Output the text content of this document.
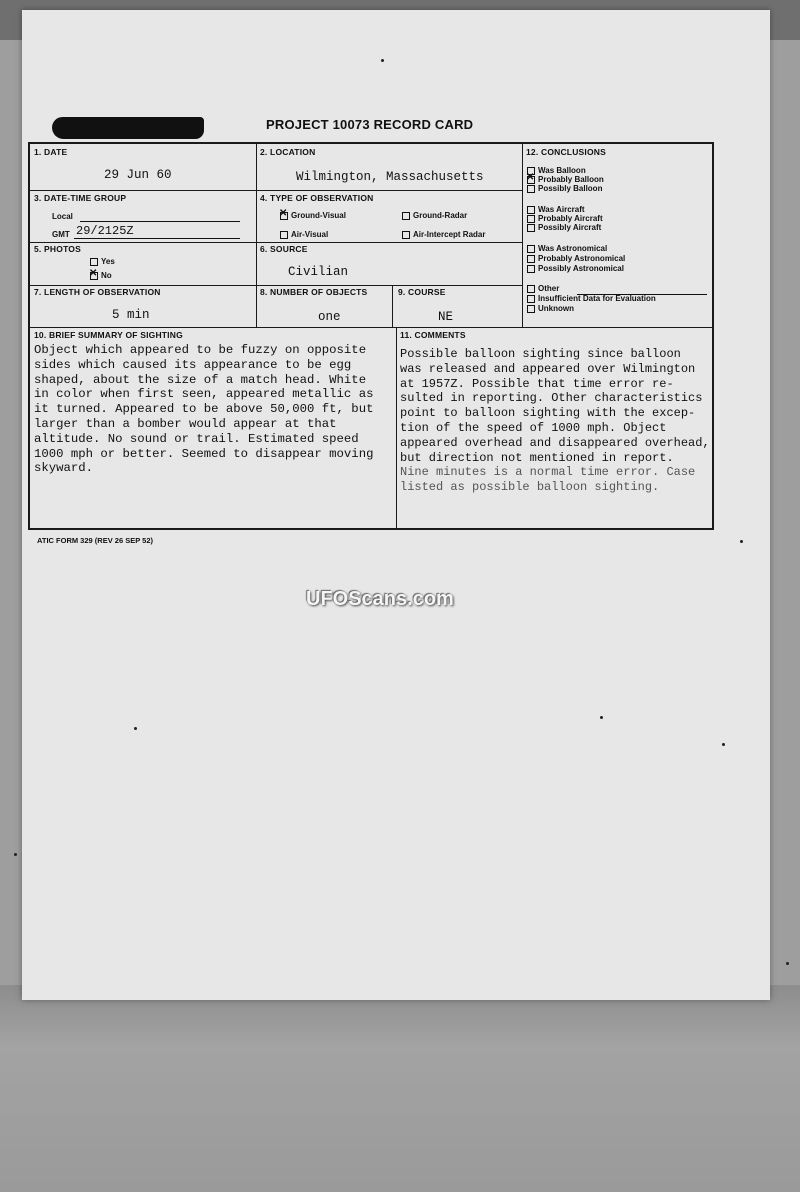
PROJECT 10073 RECORD CARD
1. DATE
29 Jun 60
2. LOCATION
Wilmington, Massachusetts
3. DATE-TIME GROUP
Local
GMT 29/2125Z
4. TYPE OF OBSERVATION
✕Ground-Visual	Ground-Radar
Air-Visual	Air-Intercept Radar
5. PHOTOS
Yes
✕No
6. SOURCE
Civilian
7. LENGTH OF OBSERVATION
5 min
8. NUMBER OF OBJECTS
one
9. COURSE
NE
12. CONCLUSIONS
Was Balloon
✕Probably Balloon
Possibly Balloon
Was Aircraft
Probably Aircraft
Possibly Aircraft
Was Astronomical
Probably Astronomical
Possibly Astronomical
Other
Insufficient Data for Evaluation
Unknown
10. BRIEF SUMMARY OF SIGHTING
Object which appeared to be fuzzy on opposite
sides which caused its appearance to be egg
shaped, about the size of a match head. White
in color when first seen, appeared metallic as
it turned. Appeared to be above 50,000 ft, but
larger than a bomber would appear at that
altitude. No sound or trail. Estimated speed
1000 mph or better. Seemed to disappear moving
skyward.
11. COMMENTS
Possible balloon sighting since balloon
was released and appeared over Wilmington
at 1957Z. Possible that time error re-
sulted in reporting. Other characteristics
point to balloon sighting with the excep-
tion of the speed of 1000 mph. Object
appeared overhead and disappeared overhead,
but direction not mentioned in report.
Nine minutes is a normal time error. Case
listed as possible balloon sighting.
ATIC FORM 329 (REV 26 SEP 52)
UFOScans.com
